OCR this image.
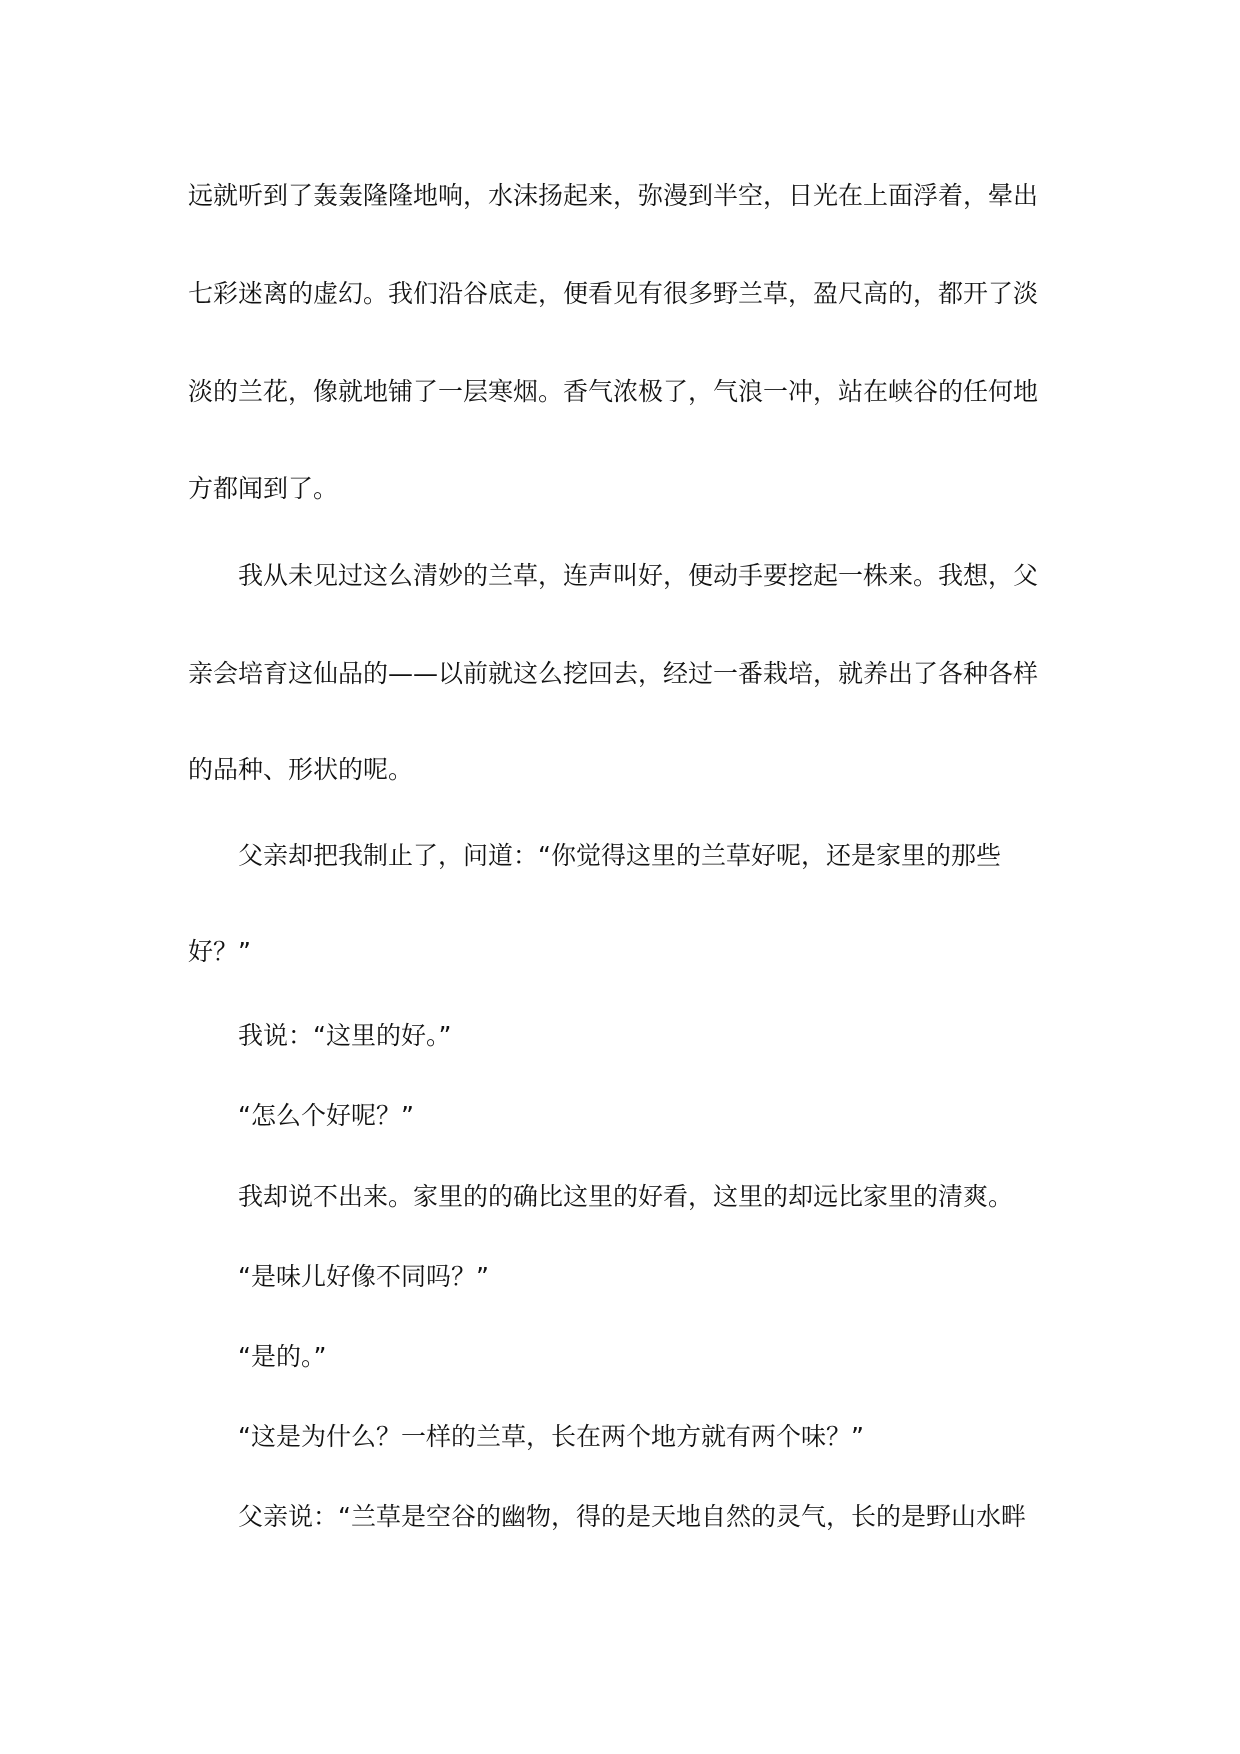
远就听到了轰轰隆隆地响，水沫扬起来，弥漫到半空，日光在上面浮着，晕出
七彩迷离的虚幻。我们沿谷底走，便看见有很多野兰草，盈尺高的，都开了淡
淡的兰花，像就地铺了一层寒烟。香气浓极了，气浪一冲，站在峡谷的任何地
方都闻到了。
我从未见过这么清妙的兰草，连声叫好，便动手要挖起一株来。我想，父
亲会培育这仙品的——以前就这么挖回去，经过一番栽培，就养出了各种各样
的品种、形状的呢。
父亲却把我制止了，问道：“你觉得这里的兰草好呢，还是家里的那些
好？”
我说：“这里的好。”
“怎么个好呢？”
我却说不出来。家里的的确比这里的好看，这里的却远比家里的清爽。
“是味儿好像不同吗？”
“是的。”
“这是为什么？一样的兰草，长在两个地方就有两个味？”
父亲说：“兰草是空谷的幽物，得的是天地自然的灵气，长的是野山水畔
